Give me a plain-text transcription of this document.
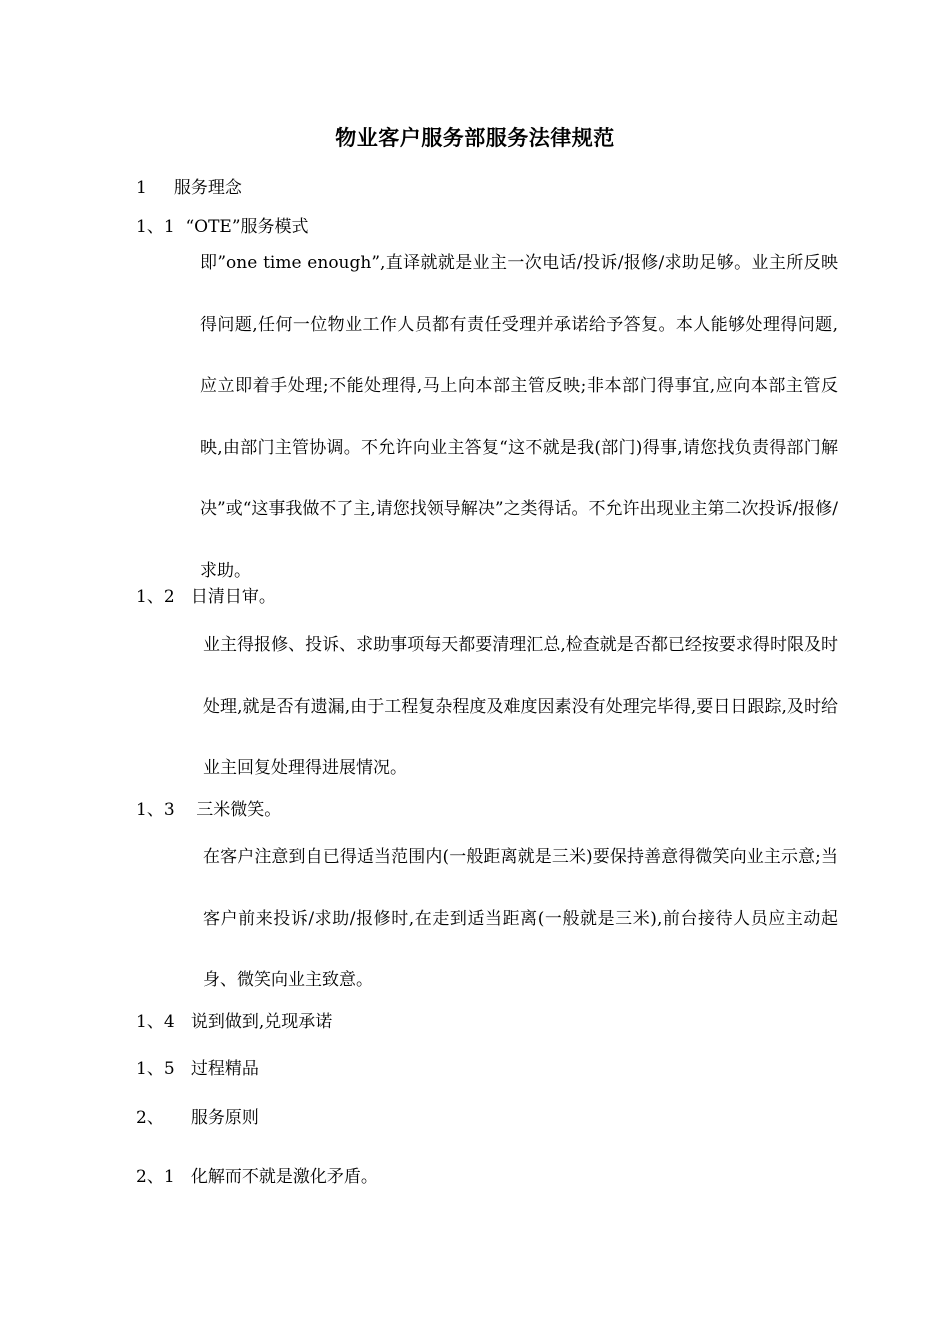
物业客户服务部服务法律规范
1     服务理念
1、1  “OTE”服务模式
即”one time enough”,直译就就是业主一次电话/投诉/报修/求助足够。业主所反映得问题,任何一位物业工作人员都有责任受理并承诺给予答复。本人能够处理得问题,应立即着手处理;不能处理得,马上向本部主管反映;非本部门得事宜,应向本部主管反映,由部门主管协调。不允许向业主答复“这不就是我(部门)得事,请您找负责得部门解决”或“这事我做不了主,请您找领导解决”之类得话。不允许出现业主第二次投诉/报修/求助。
1、2   日清日审。
业主得报修、投诉、求助事项每天都要清理汇总,检查就是否都已经按要求得时限及时处理,就是否有遗漏,由于工程复杂程度及难度因素没有处理完毕得,要日日跟踪,及时给业主回复处理得进展情况。
1、3    三米微笑。
在客户注意到自已得适当范围内(一般距离就是三米)要保持善意得微笑向业主示意;当客户前来投诉/求助/报修时,在走到适当距离(一般就是三米),前台接待人员应主动起身、微笑向业主致意。
1、4   说到做到,兑现承诺
1、5   过程精品
2、     服务原则
2、1   化解而不就是激化矛盾。
